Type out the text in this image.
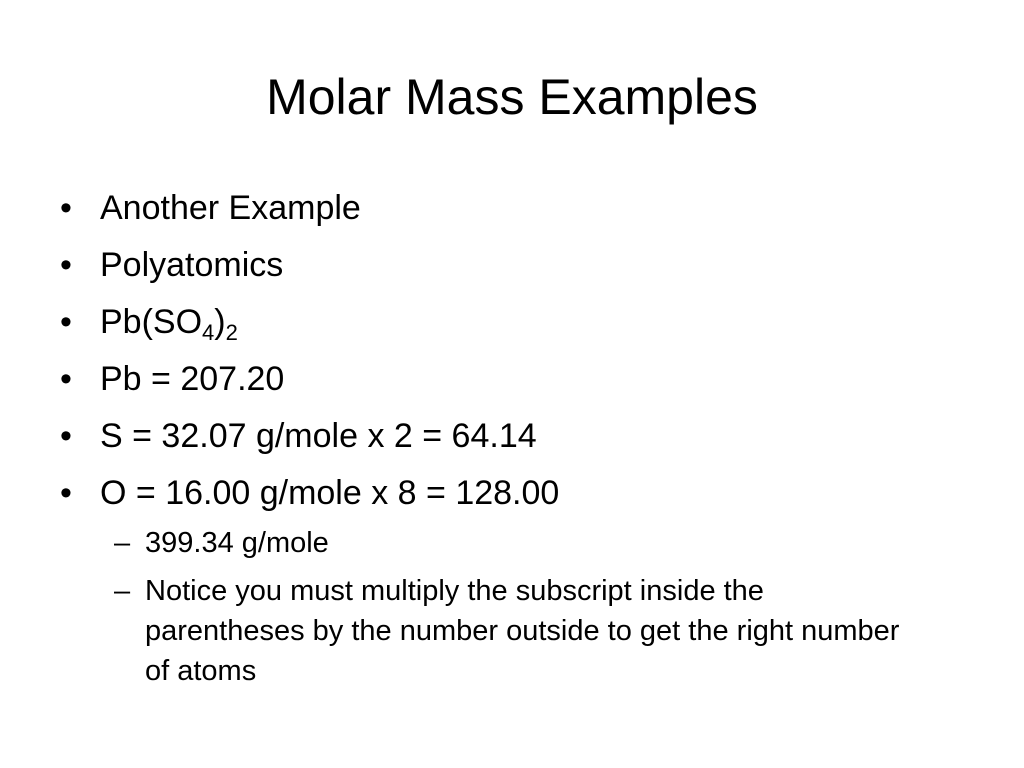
Molar Mass Examples
• Another Example
• Polyatomics
• $Pb(SO_4)_2$
• Pb = 207.20
• S = 32.07 g/mole x 2 = 64.14
• O = 16.00 g/mole x 8 = 128.00
– 399.34 g/mole
– Notice you must multiply the subscript inside the parentheses by the number outside to get the right number of atoms
